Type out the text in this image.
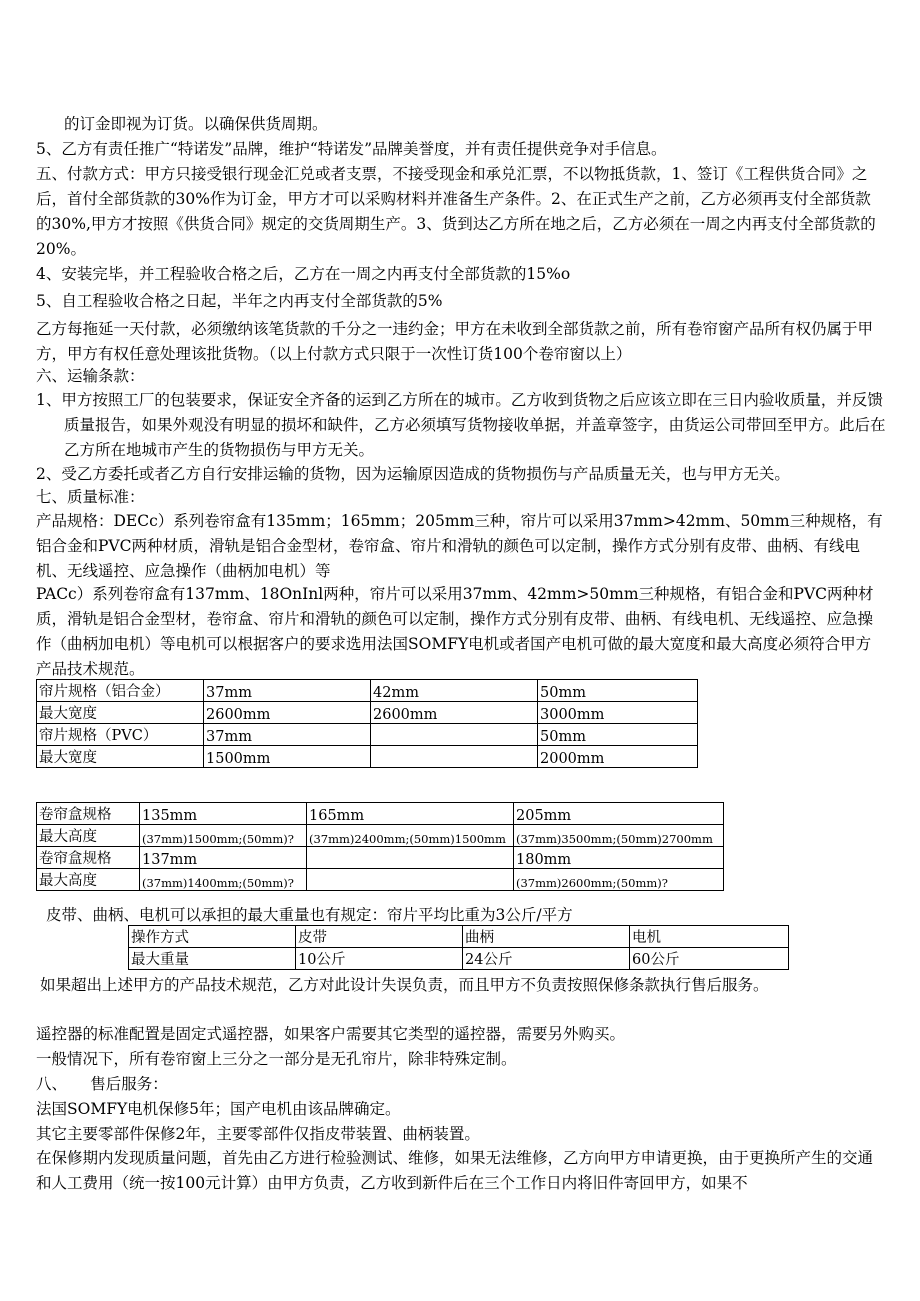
的订金即视为订货。以确保供货周期。

5、乙方有责任推广“特诺发”品牌，维护“特诺发”品牌美誉度，并有责任提供竞争对手信息。

五、付款方式：甲方只接受银行现金汇兑或者支票，不接受现金和承兑汇票，不以物抵货款，1、签订《工程供货合同》之后，首付全部货款的30%作为订金，甲方才可以采购材料并准备生产条件。2、在正式生产之前，乙方必须再支付全部货款的30%,甲方才按照《供货合同》规定的交货周期生产。3、货到达乙方所在地之后，乙方必须在一周之内再支付全部货款的20%。

4、安装完毕，并工程验收合格之后，乙方在一周之内再支付全部货款的15%o

5、自工程验收合格之日起，半年之内再支付全部货款的5%

乙方每拖延一天付款，必须缴纳该笔货款的千分之一违约金；甲方在未收到全部货款之前，所有卷帘窗产品所有权仍属于甲方，甲方有权任意处理该批货物。（以上付款方式只限于一次性订货100个卷帘窗以上）

六、运输条款：

1、甲方按照工厂的包装要求，保证安全齐备的运到乙方所在的城市。乙方收到货物之后应该立即在三日内验收质量，并反馈质量报告，如果外观没有明显的损坏和缺件，乙方必须填写货物接收单据，并盖章签字，由货运公司带回至甲方。此后在乙方所在地城市产生的货物损伤与甲方无关。

2、受乙方委托或者乙方自行安排运输的货物，因为运输原因造成的货物损伤与产品质量无关，也与甲方无关。

七、质量标准：

产品规格：DECc）系列卷帘盒有135mm；165mm；205mm三种，帘片可以采用37mm>42mm、50mm三种规格，有铝合金和PVC两种材质，滑轨是铝合金型材，卷帘盒、帘片和滑轨的颜色可以定制，操作方式分别有皮带、曲柄、有线电机、无线遥控、应急操作（曲柄加电机）等

PACc）系列卷帘盒有137mm、18OnInl两种，帘片可以采用37mm、42mm>50mm三种规格，有铝合金和PVC两种材质，滑轨是铝合金型材，卷帘盒、帘片和滑轨的颜色可以定制，操作方式分别有皮带、曲柄、有线电机、无线遥控、应急操作（曲柄加电机）等电机可以根据客户的要求选用法国SOMFY电机或者国产电机可做的最大宽度和最大高度必须符合甲方产品技术规范。

帘片规格（铝合金）	37mm	42mm	50mm
最大宽度	2600mm	2600mm	3000mm
帘片规格（PVC）	37mm		50mm
最大宽度	1500mm		2000mm
卷帘盒规格	135mm	165mm	205mm
最大高度	(37mm)1500mm;(50mm)?	(37mm)2400mm;(50mm)1500mm	(37mm)3500mm;(50mm)2700mm
卷帘盒规格	137mm		180mm
最大高度	(37mm)1400mm;(50mm)?		(37mm)2600mm;(50mm)?

皮带、曲柄、电机可以承担的最大重量也有规定：帘片平均比重为3公斤/平方

操作方式	皮带	曲柄	电机
最大重量	10公斤	24公斤	60公斤

如果超出上述甲方的产品技术规范，乙方对此设计失误负责，而且甲方不负责按照保修条款执行售后服务。

遥控器的标准配置是固定式遥控器，如果客户需要其它类型的遥控器，需要另外购买。

一般情况下，所有卷帘窗上三分之一部分是无孔帘片，除非特殊定制。

八、　　售后服务：

法国SOMFY电机保修5年；国产电机由该品牌确定。

其它主要零部件保修2年，主要零部件仅指皮带装置、曲柄装置。

在保修期内发现质量问题，首先由乙方进行检验测试、维修，如果无法维修，乙方向甲方申请更换，由于更换所产生的交通和人工费用（统一按100元计算）由甲方负责，乙方收到新件后在三个工作日内将旧件寄回甲方，如果不
